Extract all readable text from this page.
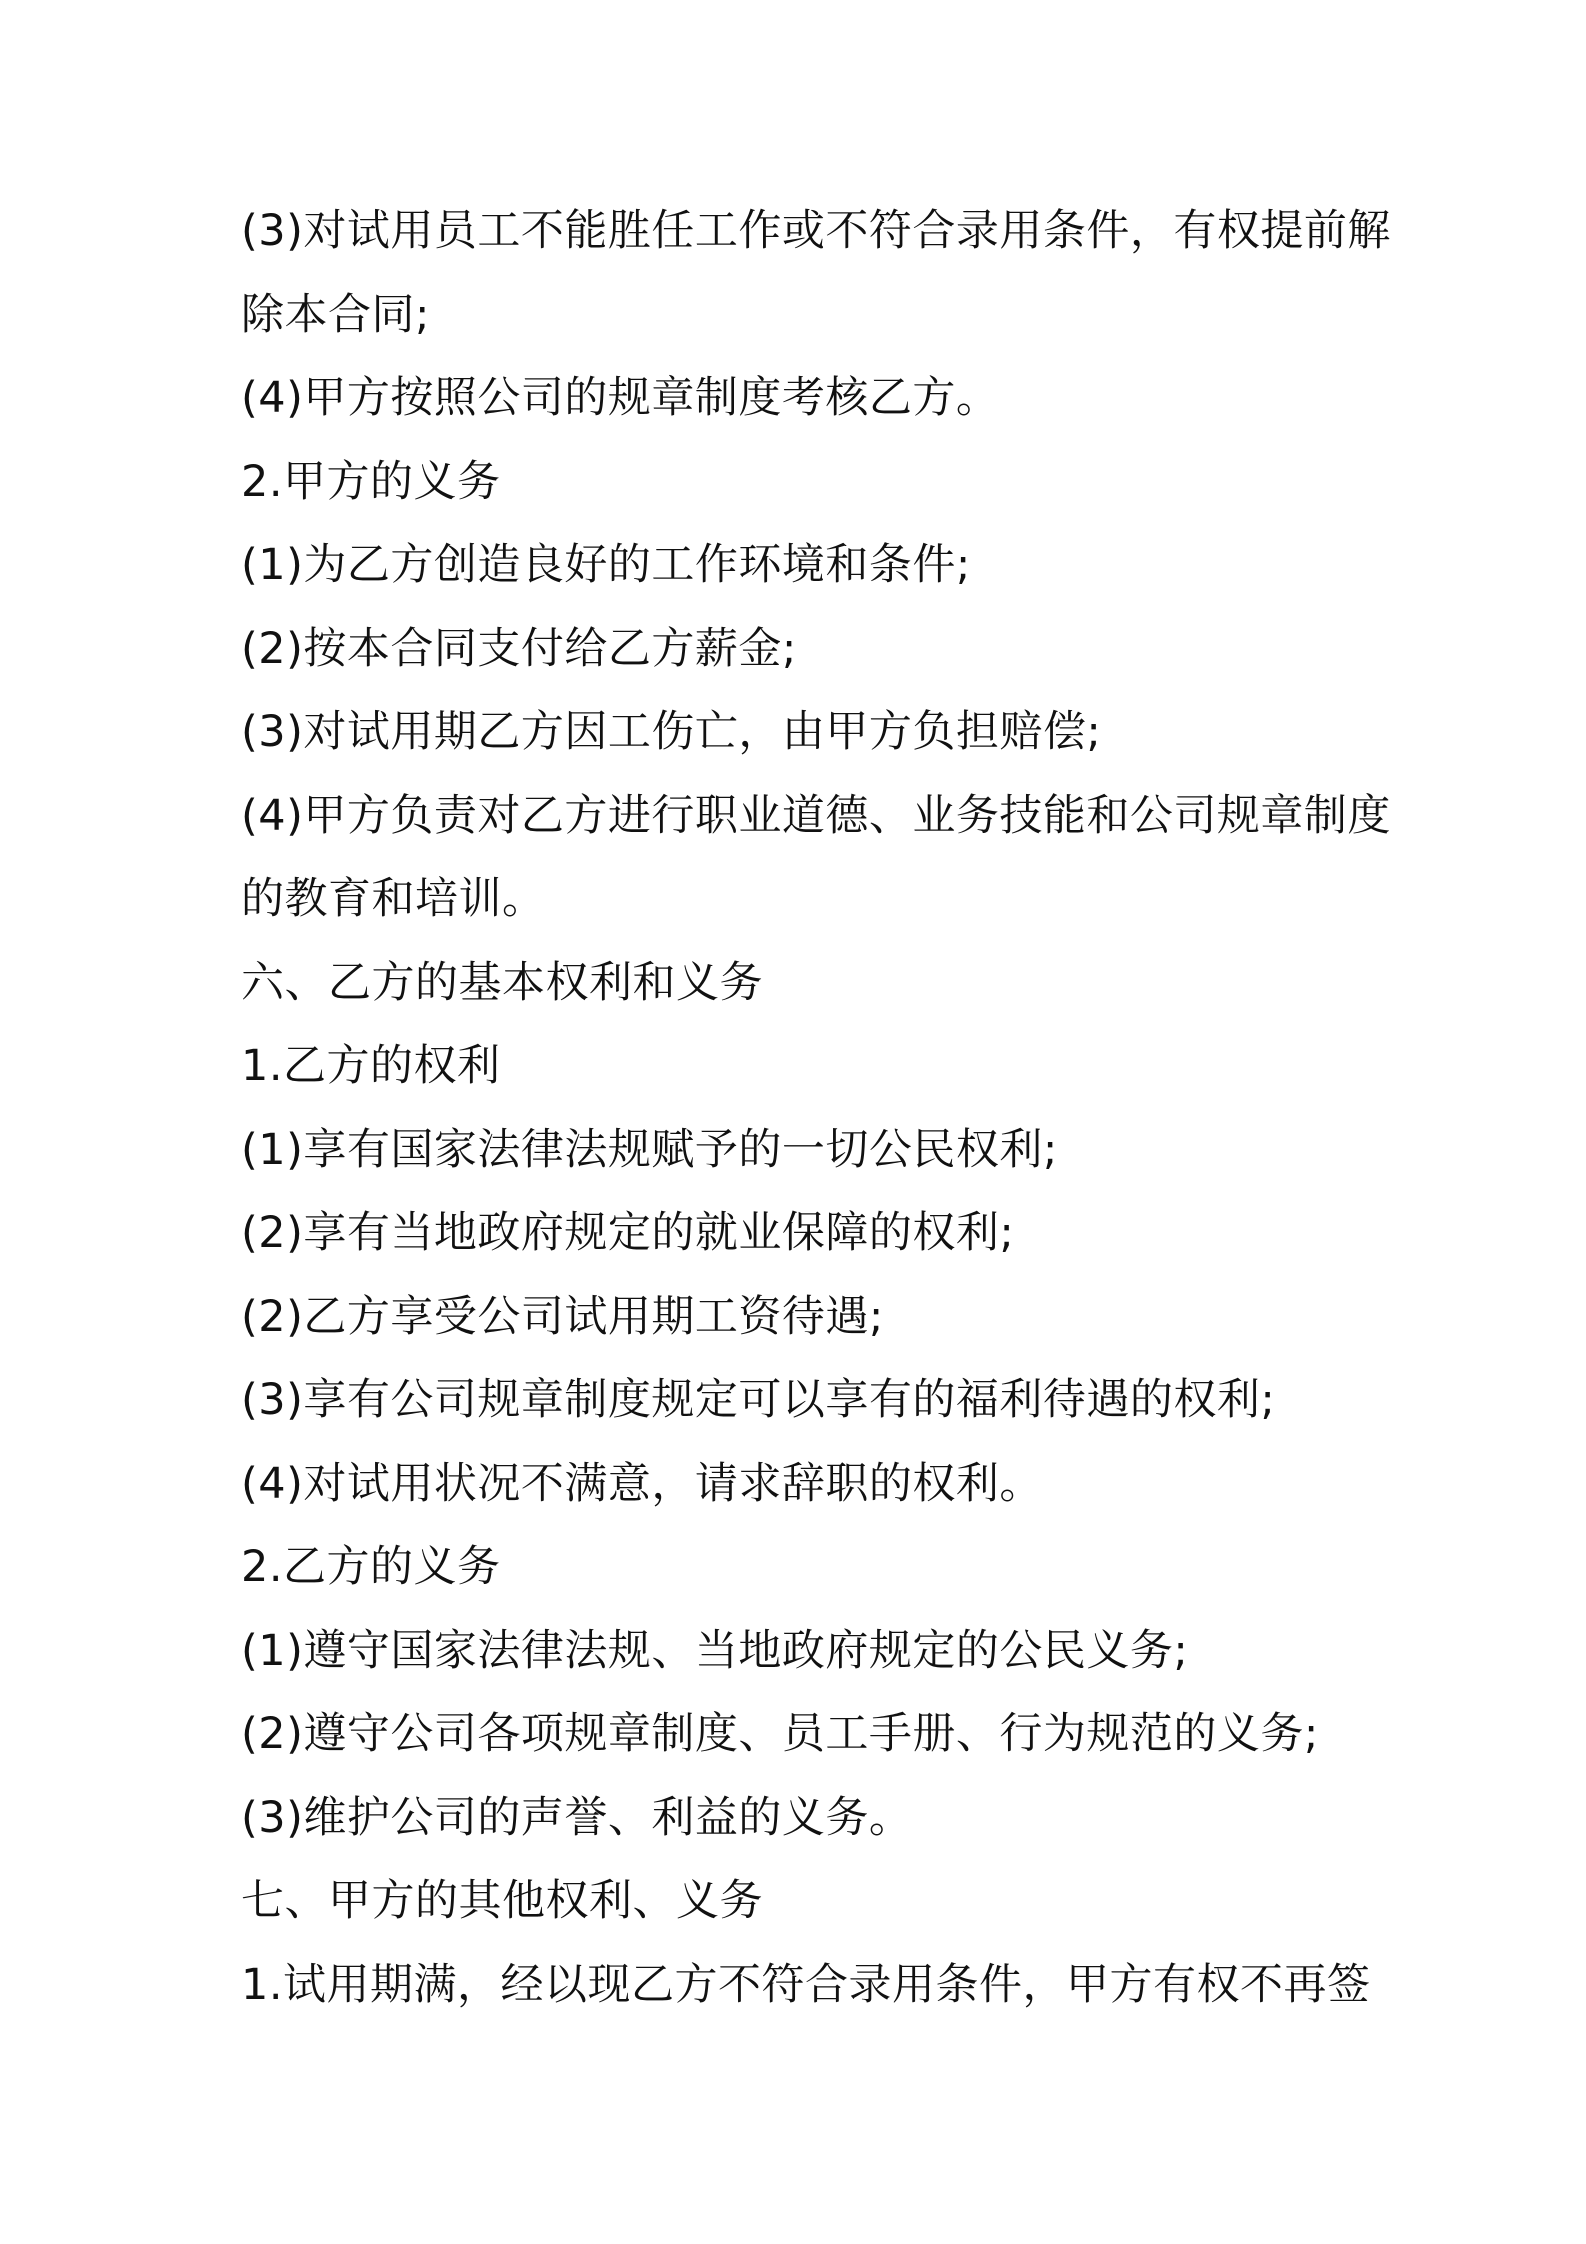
(3)对试用员工不能胜任工作或不符合录用条件，有权提前解
除本合同;
(4)甲方按照公司的规章制度考核乙方。
2.甲方的义务
(1)为乙方创造良好的工作环境和条件;
(2)按本合同支付给乙方薪金;
(3)对试用期乙方因工伤亡，由甲方负担赔偿;
(4)甲方负责对乙方进行职业道德、业务技能和公司规章制度
的教育和培训。
六、乙方的基本权利和义务
1.乙方的权利
(1)享有国家法律法规赋予的一切公民权利;
(2)享有当地政府规定的就业保障的权利;
(2)乙方享受公司试用期工资待遇;
(3)享有公司规章制度规定可以享有的福利待遇的权利;
(4)对试用状况不满意，请求辞职的权利。
2.乙方的义务
(1)遵守国家法律法规、当地政府规定的公民义务;
(2)遵守公司各项规章制度、员工手册、行为规范的义务;
(3)维护公司的声誉、利益的义务。
七、甲方的其他权利、义务
1.试用期满，经以现乙方不符合录用条件，甲方有权不再签
